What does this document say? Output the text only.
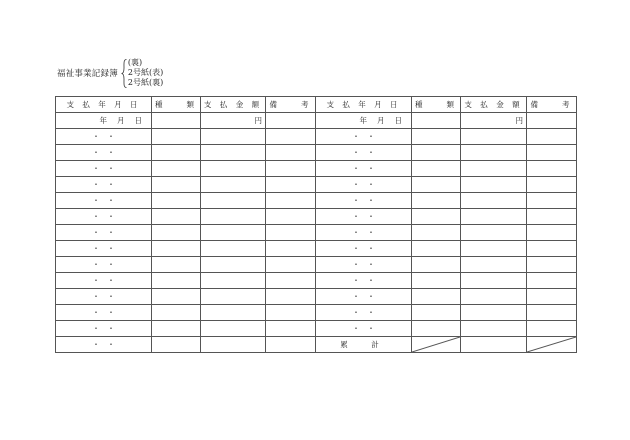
福祉事業記録簿
(裏)
2号紙(表)
2号紙(裏)
支 払 年 月 日	種　　類	支 払 金 額	備　　考	支 払 年 月 日	種　　類	支 払 金 額	備　　考

年 月 日		円		年 月 日		円	
・　・				・　・			
・　・				・　・			
・　・				・　・			
・　・				・　・			
・　・				・　・			
・　・				・　・			
・　・				・　・			
・　・				・　・			
・　・				・　・			
・　・				・　・			
・　・				・　・			
・　・				・　・			
・　・				・　・			
・　・				累　計	
